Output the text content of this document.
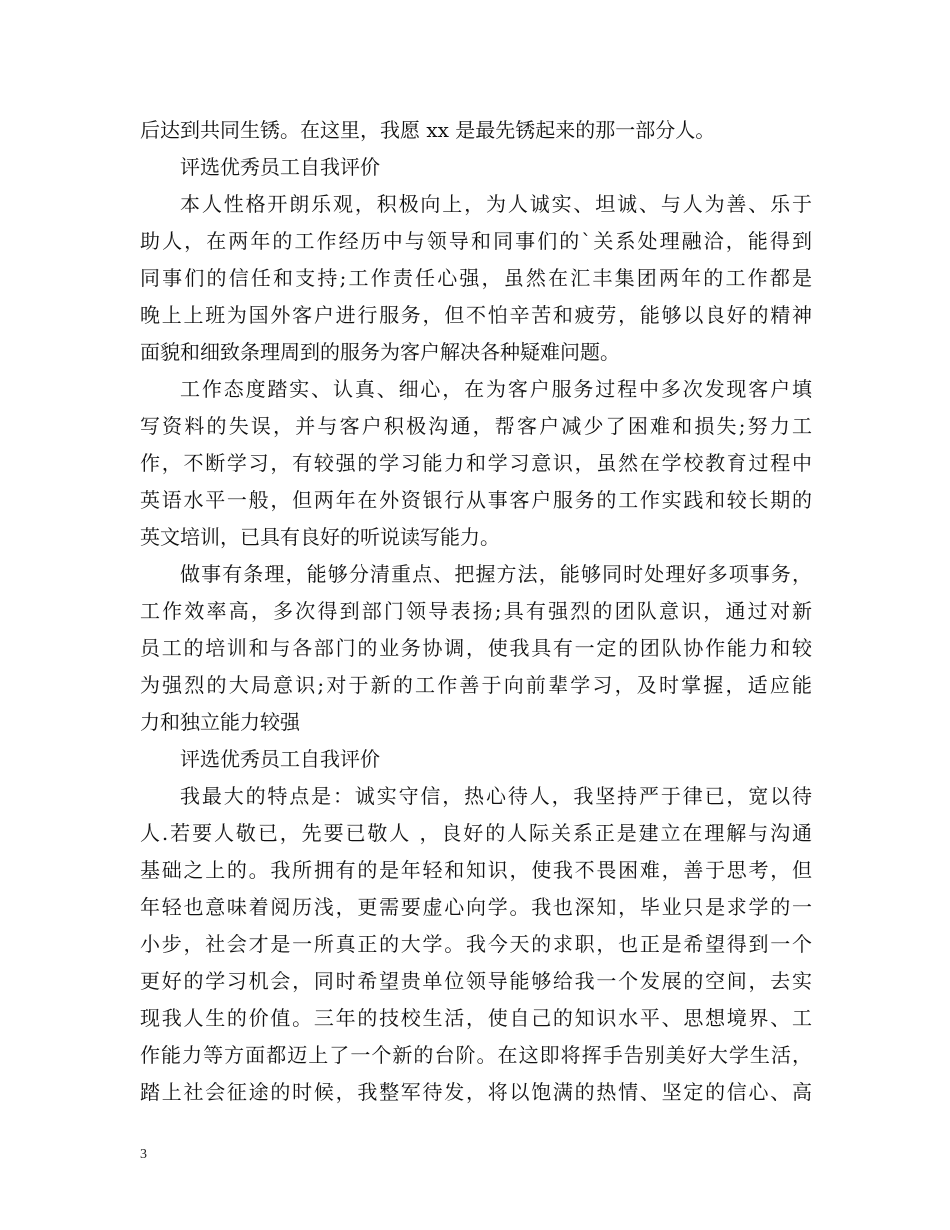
后达到共同生锈。在这里，我愿 xx 是最先锈起来的那一部分人。
评选优秀员工自我评价
本人性格开朗乐观，积极向上，为人诚实、坦诚、与人为善、乐于
助人，在两年的工作经历中与领导和同事们的`关系处理融洽，能得到
同事们的信任和支持;工作责任心强，虽然在汇丰集团两年的工作都是
晚上上班为国外客户进行服务，但不怕辛苦和疲劳，能够以良好的精神
面貌和细致条理周到的服务为客户解决各种疑难问题。
工作态度踏实、认真、细心，在为客户服务过程中多次发现客户填
写资料的失误，并与客户积极沟通，帮客户减少了困难和损失;努力工
作，不断学习，有较强的学习能力和学习意识，虽然在学校教育过程中
英语水平一般，但两年在外资银行从事客户服务的工作实践和较长期的
英文培训，已具有良好的听说读写能力。
做事有条理，能够分清重点、把握方法，能够同时处理好多项事务，
工作效率高，多次得到部门领导表扬;具有强烈的团队意识，通过对新
员工的培训和与各部门的业务协调，使我具有一定的团队协作能力和较
为强烈的大局意识;对于新的工作善于向前辈学习，及时掌握，适应能
力和独立能力较强
评选优秀员工自我评价
我最大的特点是：诚实守信，热心待人，我坚持严于律已，宽以待
人.若要人敬已，先要已敬人 ，良好的人际关系正是建立在理解与沟通
基础之上的。我所拥有的是年轻和知识，使我不畏困难，善于思考，但
年轻也意味着阅历浅，更需要虚心向学。我也深知，毕业只是求学的一
小步，社会才是一所真正的大学。我今天的求职，也正是希望得到一个
更好的学习机会，同时希望贵单位领导能够给我一个发展的空间，去实
现我人生的价值。三年的技校生活，使自己的知识水平、思想境界、工
作能力等方面都迈上了一个新的台阶。在这即将挥手告别美好大学生活，
踏上社会征途的时候，我整军待发，将以饱满的热情、坚定的信心、高
3
